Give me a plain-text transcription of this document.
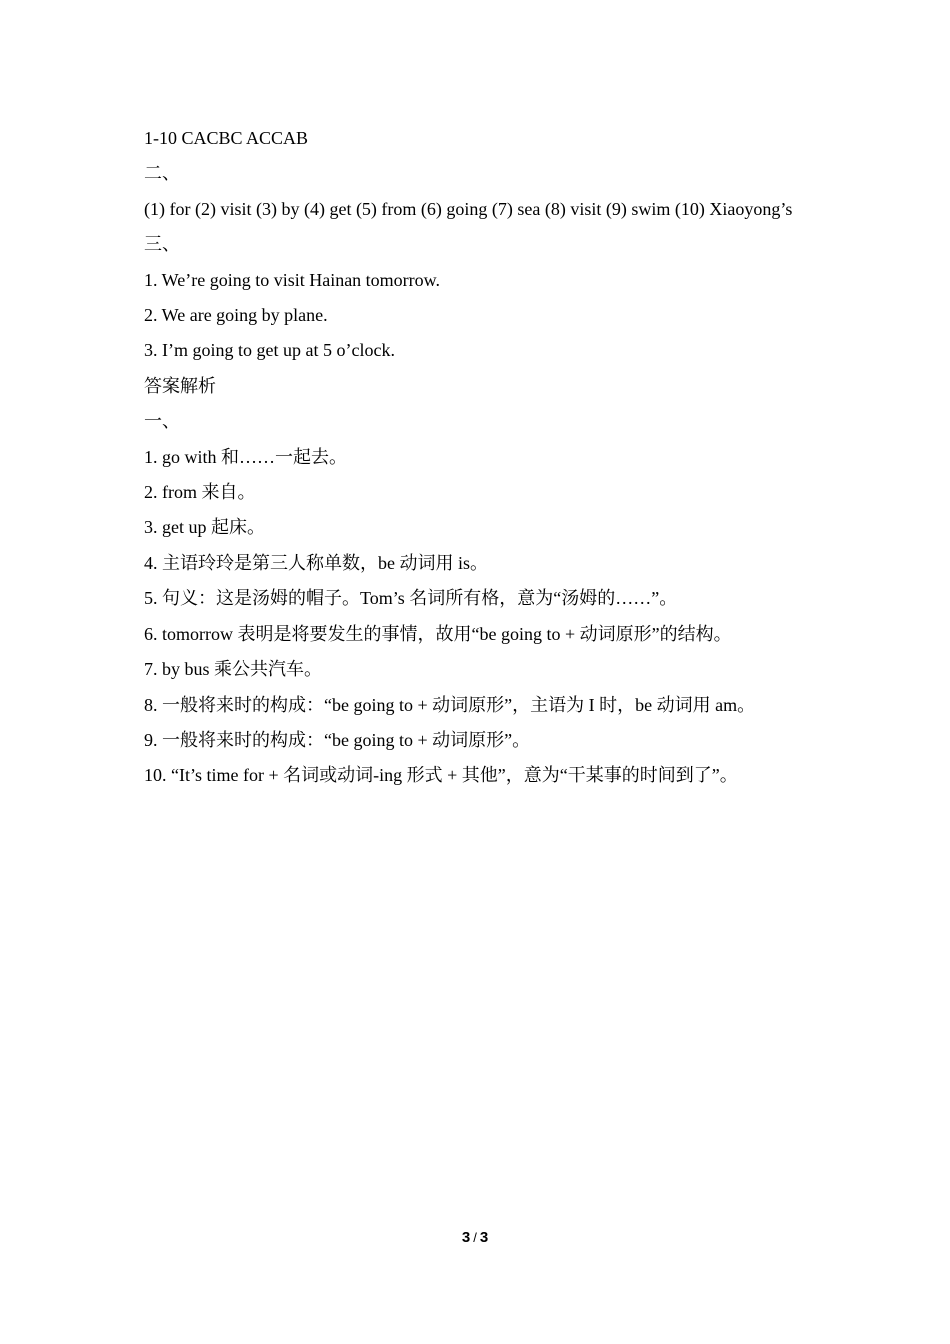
1-10 CACBC ACCAB
二、
(1) for (2) visit (3) by (4) get (5) from (6) going (7) sea (8) visit (9) swim (10) Xiaoyong’s
三、
1. We’re going to visit Hainan tomorrow.
2. We are going by plane.
3. I’m going to get up at 5 o’clock.
答案解析
一、
1. go with 和……一起去。
2. from 来自。
3. get up 起床。
4. 主语玲玲是第三人称单数，be 动词用 is。
5. 句义：这是汤姆的帽子。Tom’s 名词所有格，意为“汤姆的……”。
6. tomorrow 表明是将要发生的事情，故用“be going to + 动词原形”的结构。
7. by bus 乘公共汽车。
8. 一般将来时的构成：“be going to + 动词原形”，主语为 I 时，be 动词用 am。
9. 一般将来时的构成：“be going to + 动词原形”。
10. “It’s time for + 名词或动词-ing 形式 + 其他”，意为“干某事的时间到了”。
3 / 3
